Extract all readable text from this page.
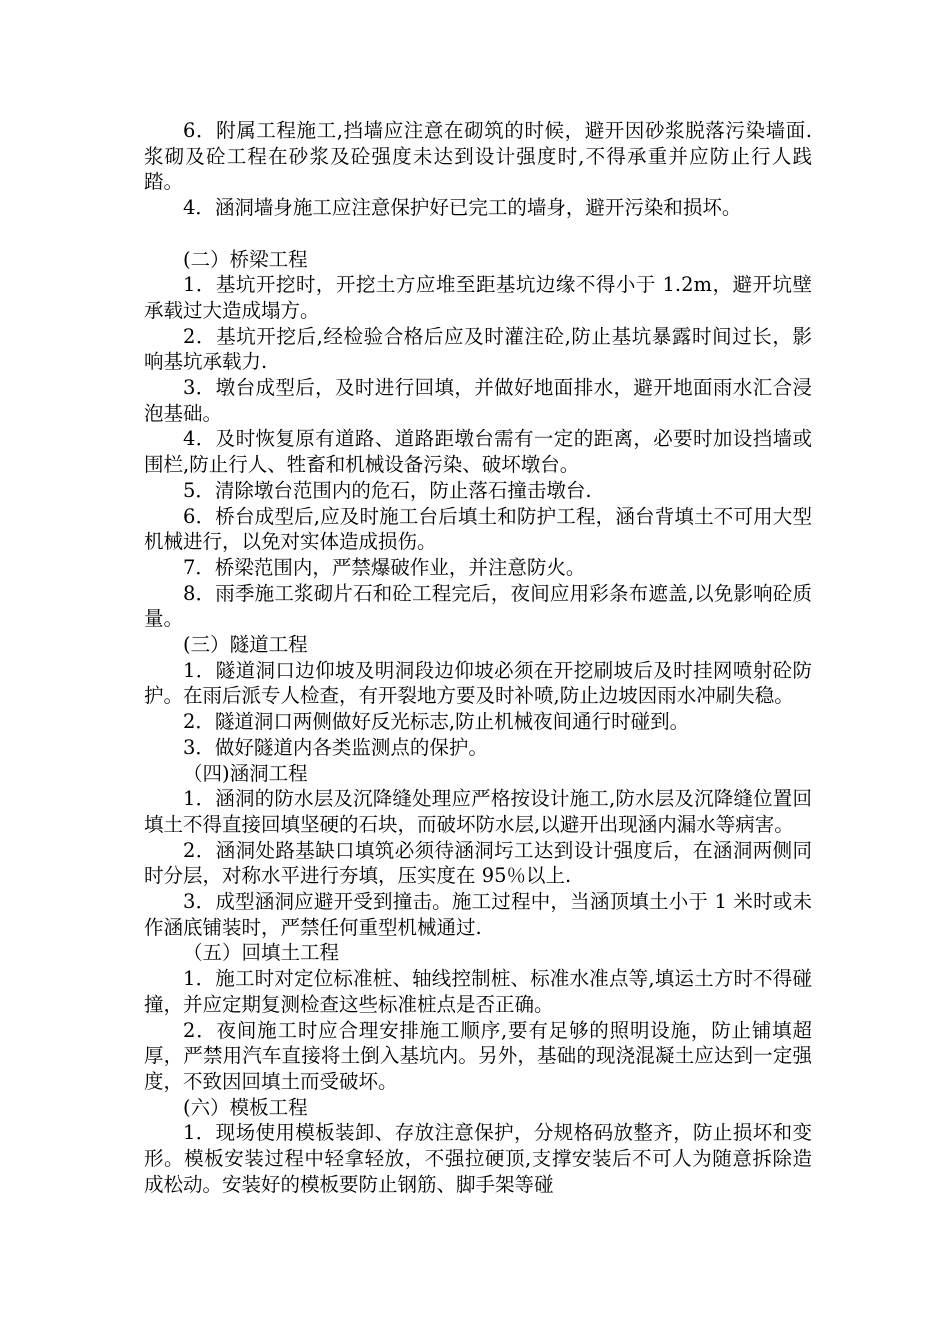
6．附属工程施工,挡墙应注意在砌筑的时候，避开因砂浆脱落污染墙面.浆砌及砼工程在砂浆及砼强度未达到设计强度时,不得承重并应防止行人践踏。

4．涵洞墙身施工应注意保护好已完工的墙身，避开污染和损坏。

(二）桥梁工程

1．基坑开挖时，开挖土方应堆至距基坑边缘不得小于 1.2m，避开坑壁承载过大造成塌方。

2．基坑开挖后,经检验合格后应及时灌注砼,防止基坑暴露时间过长，影响基坑承载力.

3．墩台成型后，及时进行回填，并做好地面排水，避开地面雨水汇合浸泡基础。

4．及时恢复原有道路、道路距墩台需有一定的距离，必要时加设挡墙或围栏,防止行人、牲畜和机械设备污染、破坏墩台。

5．清除墩台范围内的危石，防止落石撞击墩台.

6．桥台成型后,应及时施工台后填土和防护工程，涵台背填土不可用大型机械进行，以免对实体造成损伤。

7．桥梁范围内，严禁爆破作业，并注意防火。

8．雨季施工浆砌片石和砼工程完后，夜间应用彩条布遮盖,以免影响砼质量。

(三）隧道工程

1．隧道洞口边仰坡及明洞段边仰坡必须在开挖刷坡后及时挂网喷射砼防护。在雨后派专人检查，有开裂地方要及时补喷,防止边坡因雨水冲刷失稳。

2．隧道洞口两侧做好反光标志,防止机械夜间通行时碰到。

3．做好隧道内各类监测点的保护。

（四)涵洞工程

1．涵洞的防水层及沉降缝处理应严格按设计施工,防水层及沉降缝位置回填土不得直接回填坚硬的石块，而破坏防水层,以避开出现涵内漏水等病害。

2．涵洞处路基缺口填筑必须待涵洞圬工达到设计强度后，在涵洞两侧同时分层，对称水平进行夯填，压实度在 95％以上.

3．成型涵洞应避开受到撞击。施工过程中，当涵顶填土小于 1 米时或未作涵底铺装时，严禁任何重型机械通过.

（五）回填土工程

1．施工时对定位标准桩、轴线控制桩、标准水准点等,填运土方时不得碰撞，并应定期复测检查这些标准桩点是否正确。

2．夜间施工时应合理安排施工顺序,要有足够的照明设施，防止铺填超厚，严禁用汽车直接将土倒入基坑内。另外，基础的现浇混凝土应达到一定强度，不致因回填土而受破坏。

(六）模板工程

1．现场使用模板装卸、存放注意保护，分规格码放整齐，防止损坏和变形。模板安装过程中轻拿轻放，不强拉硬顶,支撑安装后不可人为随意拆除造成松动。安装好的模板要防止钢筋、脚手架等碰
